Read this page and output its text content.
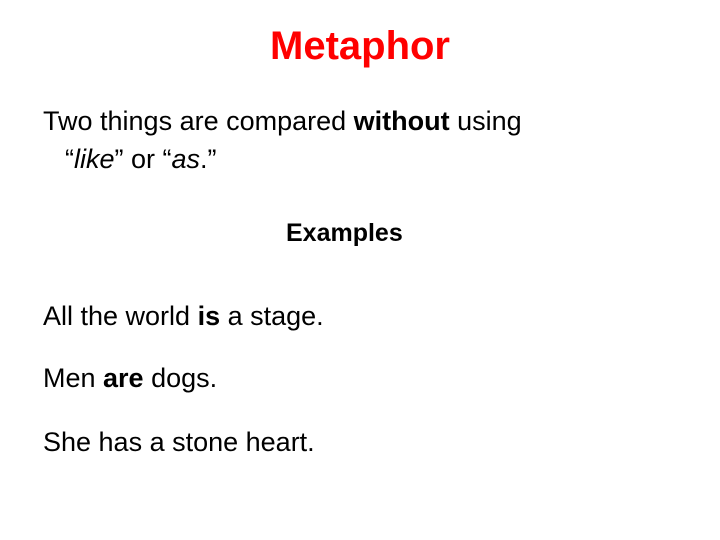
Metaphor
Two things are compared without using
“like” or “as.”
Examples
All the world is a stage.
Men are dogs.
She has a stone heart.
